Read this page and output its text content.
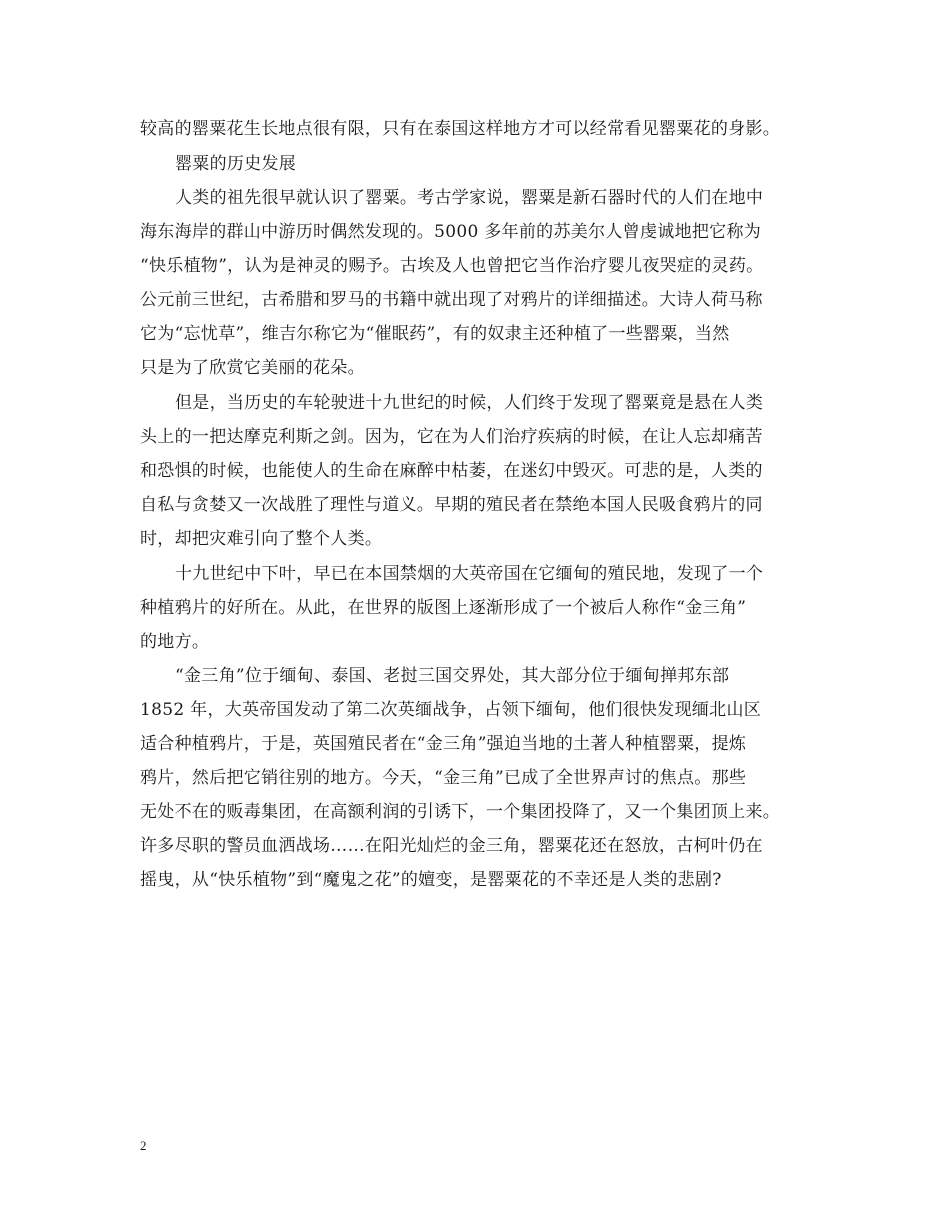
较高的罂粟花生长地点很有限，只有在泰国这样地方才可以经常看见罂粟花的身影。
罂粟的历史发展
人类的祖先很早就认识了罂粟。考古学家说，罂粟是新石器时代的人们在地中
海东海岸的群山中游历时偶然发现的。5000 多年前的苏美尔人曾虔诚地把它称为
“快乐植物”，认为是神灵的赐予。古埃及人也曾把它当作治疗婴儿夜哭症的灵药。
公元前三世纪，古希腊和罗马的书籍中就出现了对鸦片的详细描述。大诗人荷马称
它为“忘忧草”，维吉尔称它为“催眠药”，有的奴隶主还种植了一些罂粟，当然
只是为了欣赏它美丽的花朵。
但是，当历史的车轮驶进十九世纪的时候，人们终于发现了罂粟竟是悬在人类
头上的一把达摩克利斯之剑。因为，它在为人们治疗疾病的时候，在让人忘却痛苦
和恐惧的时候，也能使人的生命在麻醉中枯萎，在迷幻中毁灭。可悲的是，人类的
自私与贪婪又一次战胜了理性与道义。早期的殖民者在禁绝本国人民吸食鸦片的同
时，却把灾难引向了整个人类。
十九世纪中下叶，早已在本国禁烟的大英帝国在它缅甸的殖民地，发现了一个
种植鸦片的好所在。从此，在世界的版图上逐渐形成了一个被后人称作“金三角”
的地方。
“金三角”位于缅甸、泰国、老挝三国交界处，其大部分位于缅甸掸邦东部
1852 年，大英帝国发动了第二次英缅战争，占领下缅甸，他们很快发现缅北山区
适合种植鸦片，于是，英国殖民者在“金三角”强迫当地的土著人种植罂粟，提炼
鸦片，然后把它销往别的地方。今天，“金三角”已成了全世界声讨的焦点。那些
无处不在的贩毒集团，在高额利润的引诱下，一个集团投降了，又一个集团顶上来。
许多尽职的警员血洒战场……在阳光灿烂的金三角，罂粟花还在怒放，古柯叶仍在
摇曳，从“快乐植物”到“魔鬼之花”的嬗变，是罂粟花的不幸还是人类的悲剧?
2
